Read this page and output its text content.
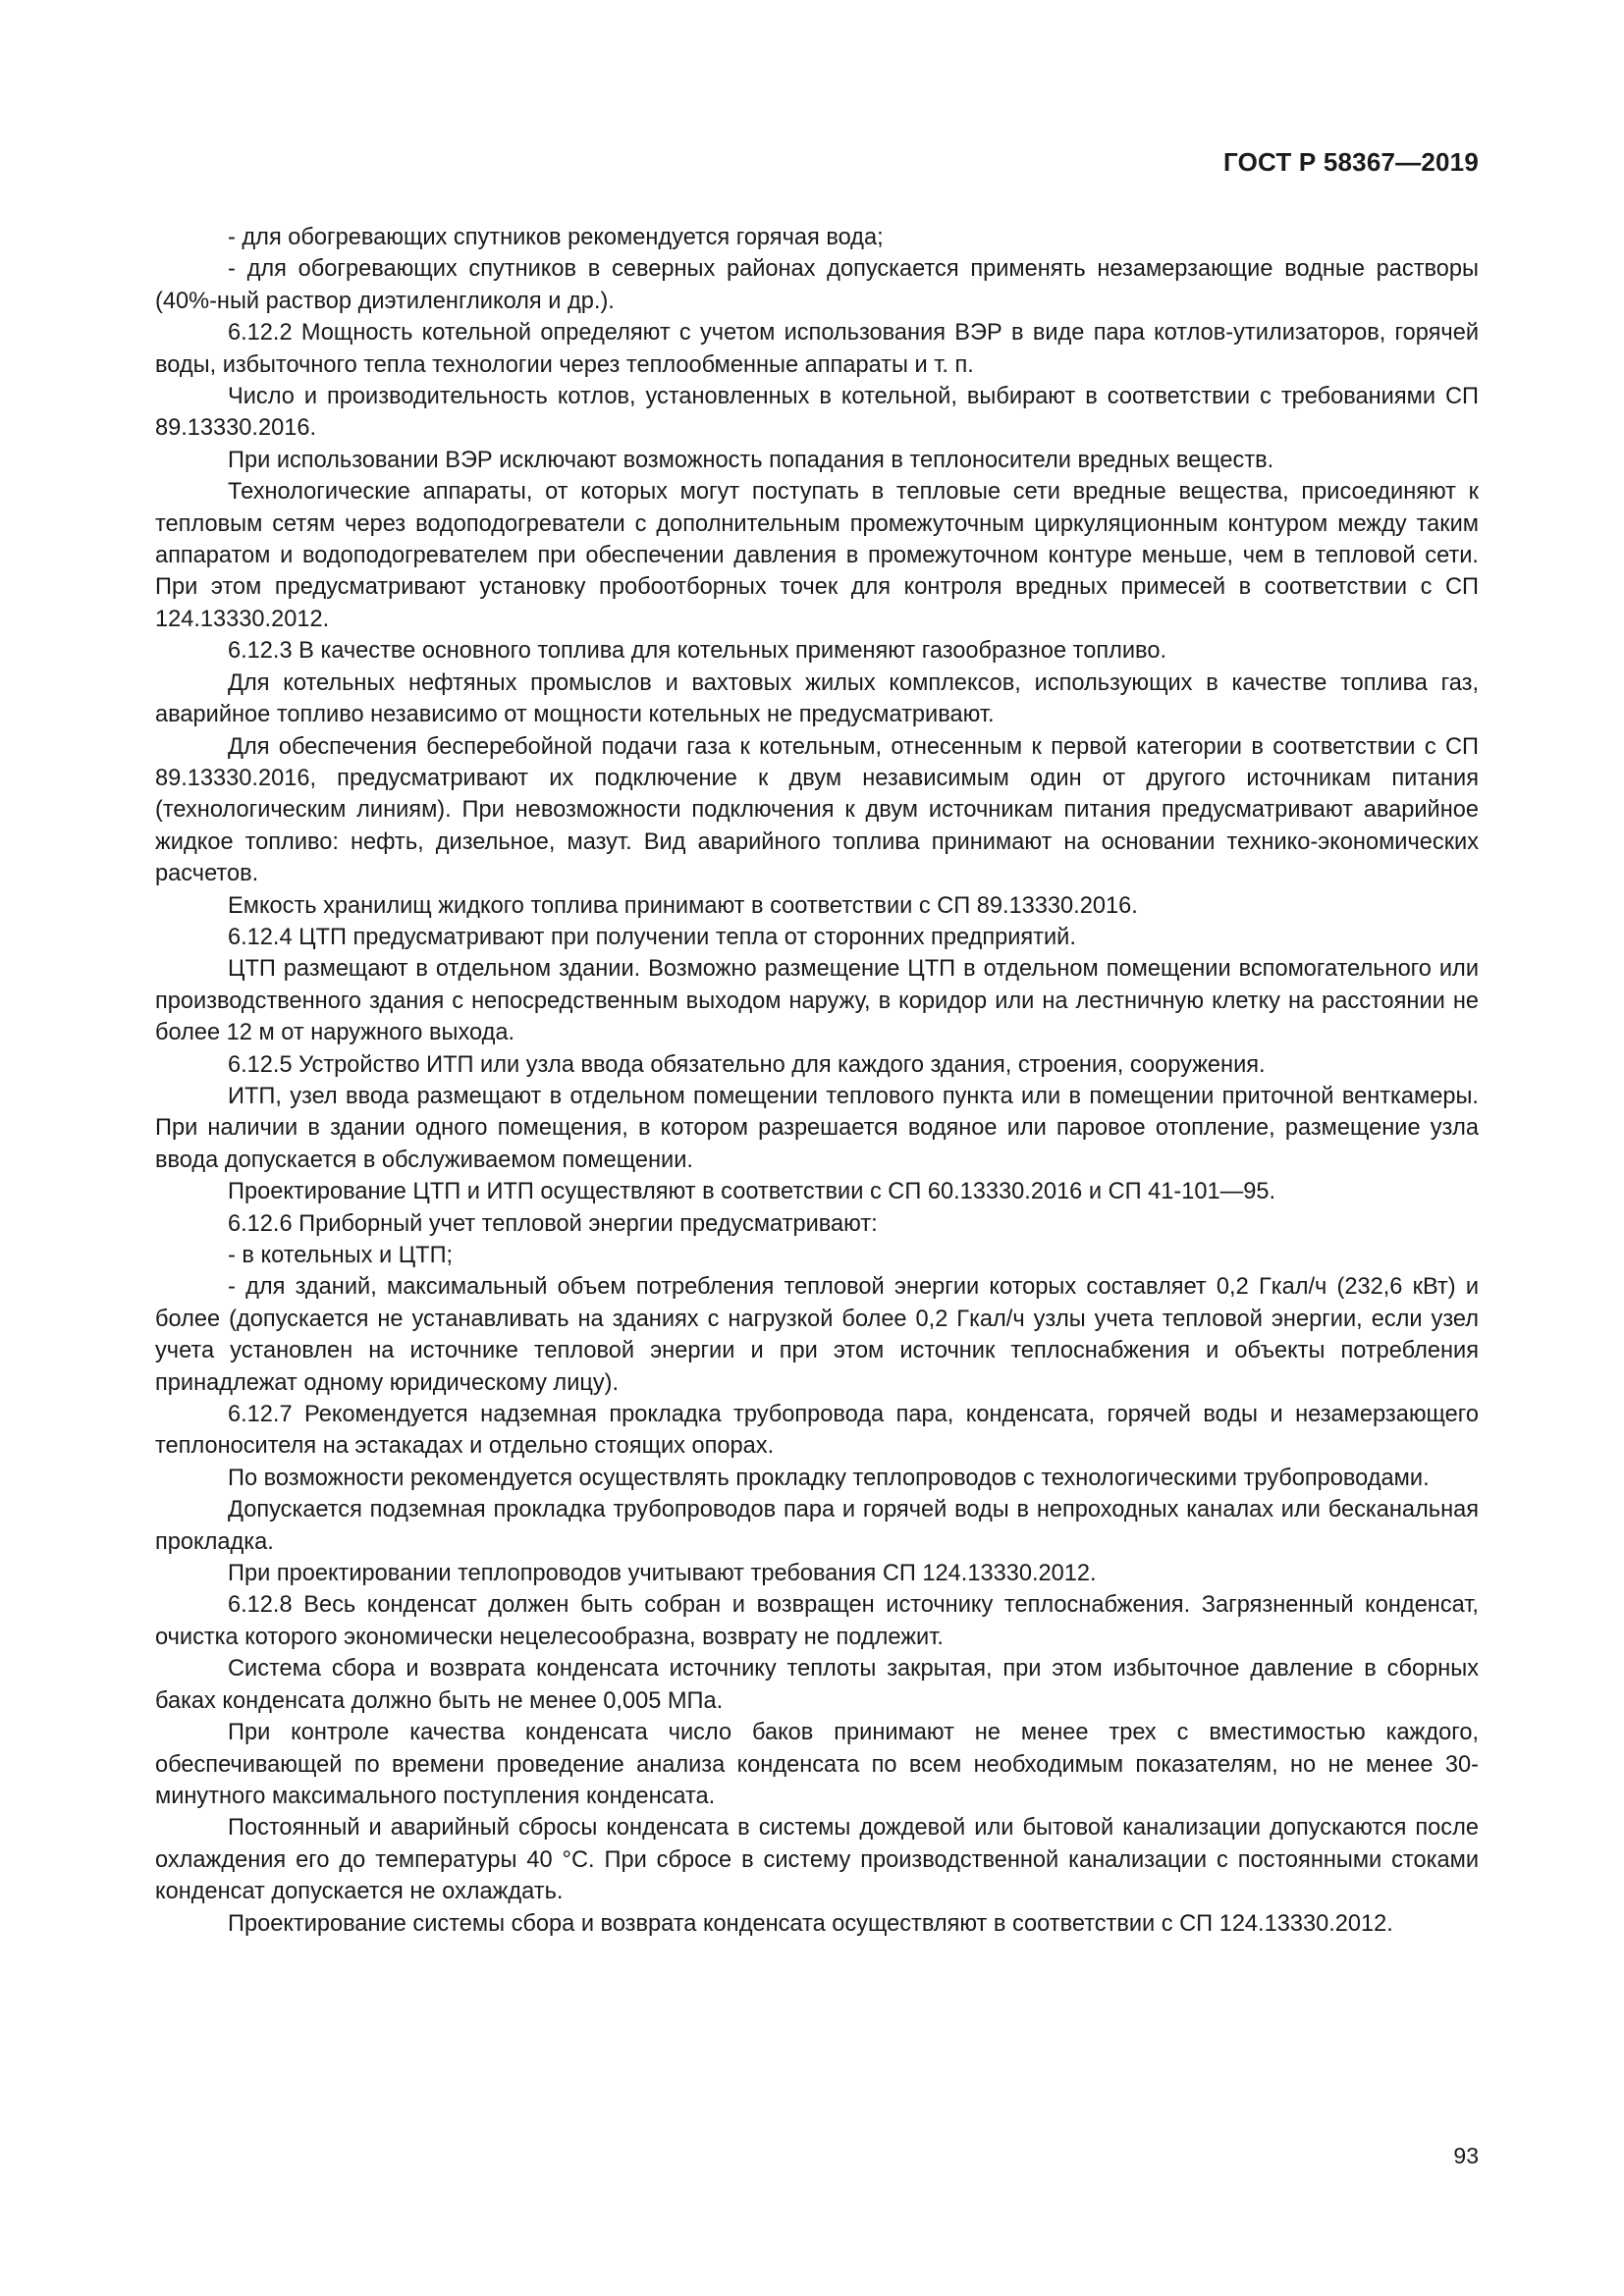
ГОСТ Р 58367—2019

- для обогревающих спутников рекомендуется горячая вода;

- для обогревающих спутников в северных районах допускается применять незамерзающие водные растворы (40%-ный раствор диэтиленгликоля и др.).

6.12.2 Мощность котельной определяют с учетом использования ВЭР в виде пара котлов-утилизаторов, горячей воды, избыточного тепла технологии через теплообменные аппараты и т. п.

Число и производительность котлов, установленных в котельной, выбирают в соответствии с требованиями СП 89.13330.2016.

При использовании ВЭР исключают возможность попадания в теплоносители вредных веществ.

Технологические аппараты, от которых могут поступать в тепловые сети вредные вещества, присоединяют к тепловым сетям через водоподогреватели с дополнительным промежуточным циркуляционным контуром между таким аппаратом и водоподогревателем при обеспечении давления в промежуточном контуре меньше, чем в тепловой сети. При этом предусматривают установку пробоотборных точек для контроля вредных примесей в соответствии с СП 124.13330.2012.

6.12.3 В качестве основного топлива для котельных применяют газообразное топливо.

Для котельных нефтяных промыслов и вахтовых жилых комплексов, использующих в качестве топлива газ, аварийное топливо независимо от мощности котельных не предусматривают.

Для обеспечения бесперебойной подачи газа к котельным, отнесенным к первой категории в соответствии с СП 89.13330.2016, предусматривают их подключение к двум независимым один от другого источникам питания (технологическим линиям). При невозможности подключения к двум источникам питания предусматривают аварийное жидкое топливо: нефть, дизельное, мазут. Вид аварийного топлива принимают на основании технико-экономических расчетов.

Емкость хранилищ жидкого топлива принимают в соответствии с СП 89.13330.2016.

6.12.4 ЦТП предусматривают при получении тепла от сторонних предприятий.

ЦТП размещают в отдельном здании. Возможно размещение ЦТП в отдельном помещении вспомогательного или производственного здания с непосредственным выходом наружу, в коридор или на лестничную клетку на расстоянии не более 12 м от наружного выхода.

6.12.5 Устройство ИТП или узла ввода обязательно для каждого здания, строения, сооружения.

ИТП, узел ввода размещают в отдельном помещении теплового пункта или в помещении приточной венткамеры. При наличии в здании одного помещения, в котором разрешается водяное или паровое отопление, размещение узла ввода допускается в обслуживаемом помещении.

Проектирование ЦТП и ИТП осуществляют в соответствии с СП 60.13330.2016 и СП 41-101—95.

6.12.6 Приборный учет тепловой энергии предусматривают:

- в котельных и ЦТП;

- для зданий, максимальный объем потребления тепловой энергии которых составляет 0,2 Гкал/ч (232,6 кВт) и более (допускается не устанавливать на зданиях с нагрузкой более 0,2 Гкал/ч узлы учета тепловой энергии, если узел учета установлен на источнике тепловой энергии и при этом источник теплоснабжения и объекты потребления принадлежат одному юридическому лицу).

6.12.7 Рекомендуется надземная прокладка трубопровода пара, конденсата, горячей воды и незамерзающего теплоносителя на эстакадах и отдельно стоящих опорах.

По возможности рекомендуется осуществлять прокладку теплопроводов с технологическими трубопроводами.

Допускается подземная прокладка трубопроводов пара и горячей воды в непроходных каналах или бесканальная прокладка.

При проектировании теплопроводов учитывают требования СП 124.13330.2012.

6.12.8 Весь конденсат должен быть собран и возвращен источнику теплоснабжения. Загрязненный конденсат, очистка которого экономически нецелесообразна, возврату не подлежит.

Система сбора и возврата конденсата источнику теплоты закрытая, при этом избыточное давление в сборных баках конденсата должно быть не менее 0,005 МПа.

При контроле качества конденсата число баков принимают не менее трех с вместимостью каждого, обеспечивающей по времени проведение анализа конденсата по всем необходимым показателям, но не менее 30-минутного максимального поступления конденсата.

Постоянный и аварийный сбросы конденсата в системы дождевой или бытовой канализации допускаются после охлаждения его до температуры 40 °С. При сбросе в систему производственной канализации с постоянными стоками конденсат допускается не охлаждать.

Проектирование системы сбора и возврата конденсата осуществляют в соответствии с СП 124.13330.2012.

93
